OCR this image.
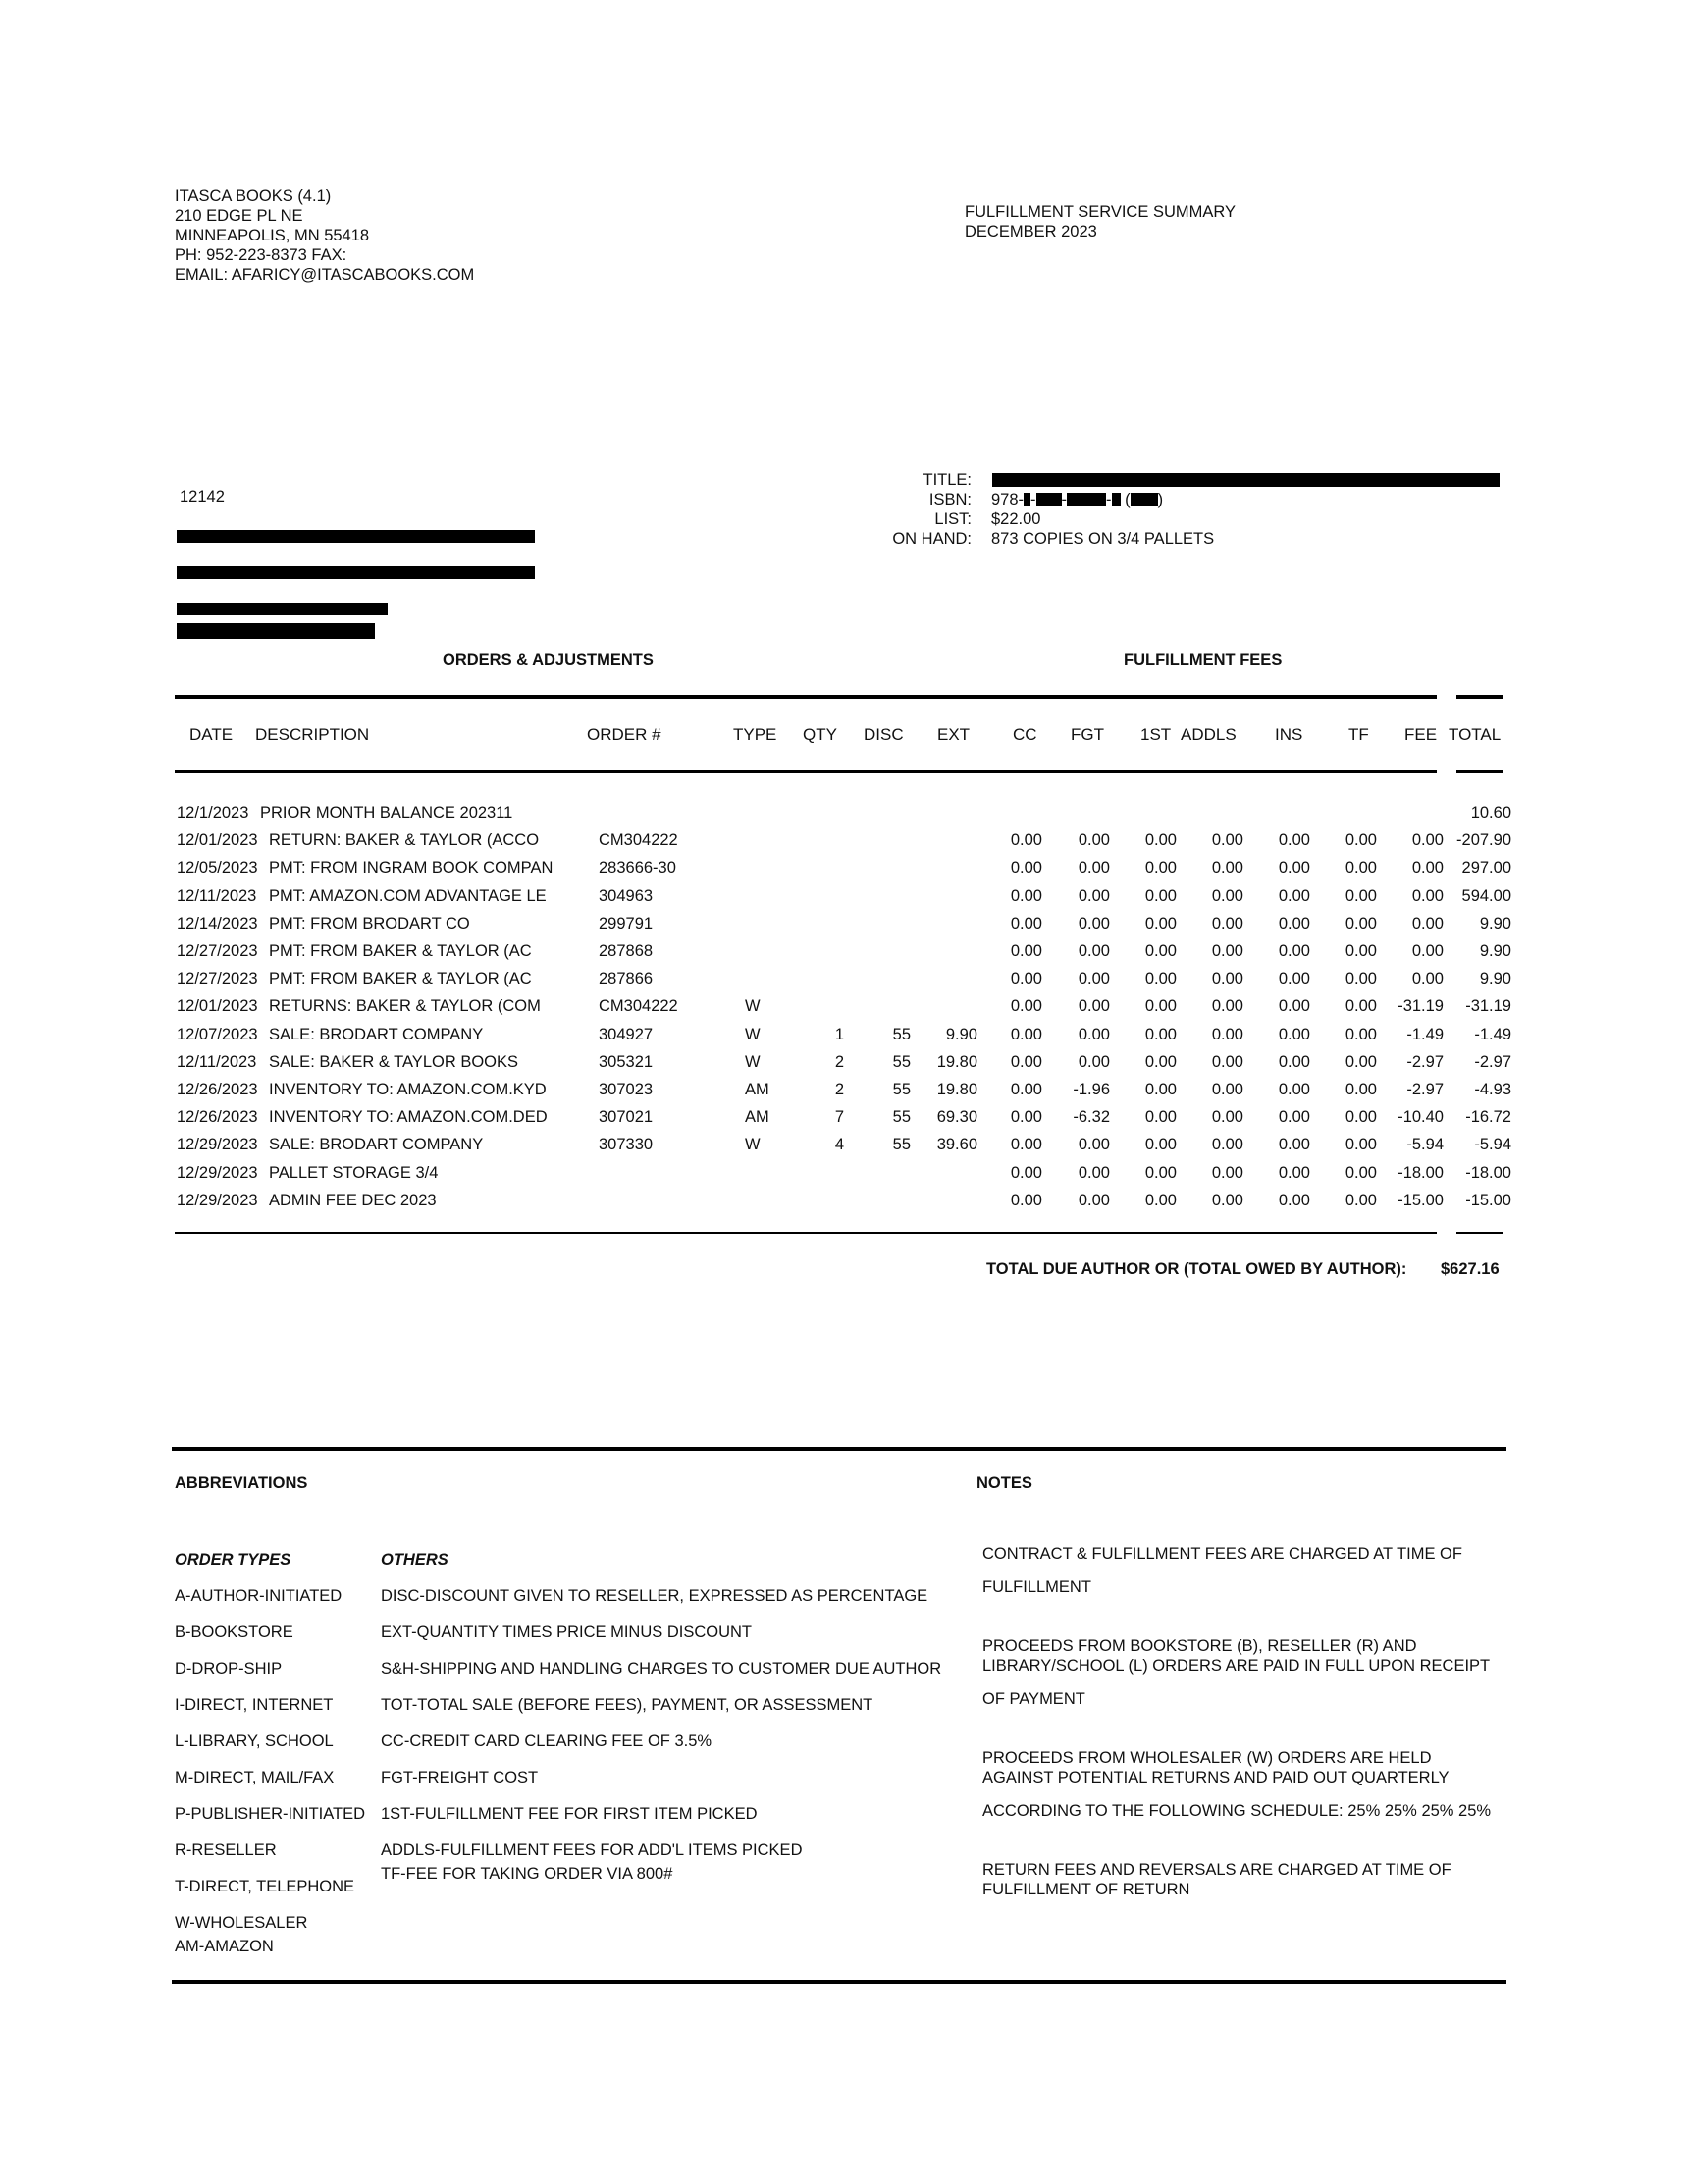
ITASCA BOOKS (4.1)
210 EDGE PL NE
MINNEAPOLIS, MN 55418
PH: 952-223-8373 FAX:
EMAIL: AFARICY@ITASCABOOKS.COM
FULFILLMENT SERVICE SUMMARY
DECEMBER 2023
12142
TITLE:
ISBN: 978- - - - ( )
LIST: $22.00
ON HAND: 873 COPIES ON 3/4 PALLETS
ORDERS & ADJUSTMENTS	FULFILLMENT FEES
DATE DESCRIPTION	ORDER #	TYPE QTY DISC EXT	CC FGT 1ST ADDLS INS	TF FEE TOTAL
12/1/2023 PRIOR MONTH BALANCE 202311	10.60
12/01/2023 RETURN: BAKER & TAYLOR (ACCO	CM304222	0.00 0.00 0.00 0.00 0.00 0.00 0.00 -207.90
12/05/2023 PMT: FROM INGRAM BOOK COMPAN	283666-30	0.00 0.00 0.00 0.00 0.00 0.00 0.00 297.00
12/11/2023 PMT: AMAZON.COM ADVANTAGE LE	304963	0.00 0.00 0.00 0.00 0.00 0.00 0.00 594.00
12/14/2023 PMT: FROM BRODART CO	299791	0.00 0.00 0.00 0.00 0.00 0.00 0.00 9.90
12/27/2023 PMT: FROM BAKER & TAYLOR (AC	287868	0.00 0.00 0.00 0.00 0.00 0.00 0.00 9.90
12/27/2023 PMT: FROM BAKER & TAYLOR (AC	287866	0.00 0.00 0.00 0.00 0.00 0.00 0.00 9.90
12/01/2023 RETURNS: BAKER & TAYLOR (COM	CM304222	W	0.00 0.00 0.00 0.00 0.00 0.00 -31.19 -31.19
12/07/2023 SALE: BRODART COMPANY	304927	W	1	55 9.90 0.00 0.00 0.00 0.00 0.00 0.00 -1.49 -1.49
12/11/2023 SALE: BAKER & TAYLOR BOOKS	305321	W	2	55 19.80 0.00 0.00 0.00 0.00 0.00 0.00 -2.97 -2.97
12/26/2023 INVENTORY TO: AMAZON.COM.KYD	307023	AM	2	55 19.80 0.00 -1.96 0.00 0.00 0.00 0.00 -2.97 -4.93
12/26/2023 INVENTORY TO: AMAZON.COM.DED	307021	AM	7	55 69.30 0.00 -6.32 0.00 0.00 0.00 0.00 -10.40 -16.72
12/29/2023 SALE: BRODART COMPANY	307330	W	4	55 39.60 0.00 0.00 0.00 0.00 0.00 0.00 -5.94 -5.94
12/29/2023 PALLET STORAGE 3/4	0.00 0.00 0.00 0.00 0.00 0.00 -18.00 -18.00
12/29/2023 ADMIN FEE DEC 2023	0.00 0.00 0.00 0.00 0.00 0.00 -15.00 -15.00
TOTAL DUE AUTHOR OR (TOTAL OWED BY AUTHOR): $627.16
ABBREVIATIONS	NOTES
ORDER TYPES	OTHERS
A-AUTHOR-INITIATED
B-BOOKSTORE
D-DROP-SHIP
I-DIRECT, INTERNET
L-LIBRARY, SCHOOL
M-DIRECT, MAIL/FAX
P-PUBLISHER-INITIATED
R-RESELLER
T-DIRECT, TELEPHONE
W-WHOLESALER
AM-AMAZON
DISC-DISCOUNT GIVEN TO RESELLER, EXPRESSED AS PERCENTAGE
EXT-QUANTITY TIMES PRICE MINUS DISCOUNT
S&H-SHIPPING AND HANDLING CHARGES TO CUSTOMER DUE AUTHOR
TOT-TOTAL SALE (BEFORE FEES), PAYMENT, OR ASSESSMENT
CC-CREDIT CARD CLEARING FEE OF 3.5%
FGT-FREIGHT COST
1ST-FULFILLMENT FEE FOR FIRST ITEM PICKED
ADDLS-FULFILLMENT FEES FOR ADD'L ITEMS PICKED
TF-FEE FOR TAKING ORDER VIA 800#
CONTRACT & FULFILLMENT FEES ARE CHARGED AT TIME OF
FULFILLMENT
PROCEEDS FROM BOOKSTORE (B), RESELLER (R) AND
LIBRARY/SCHOOL (L) ORDERS ARE PAID IN FULL UPON RECEIPT
OF PAYMENT
PROCEEDS FROM WHOLESALER (W) ORDERS ARE HELD
AGAINST POTENTIAL RETURNS AND PAID OUT QUARTERLY
ACCORDING TO THE FOLLOWING SCHEDULE: 25% 25% 25% 25%
RETURN FEES AND REVERSALS ARE CHARGED AT TIME OF
FULFILLMENT OF RETURN
